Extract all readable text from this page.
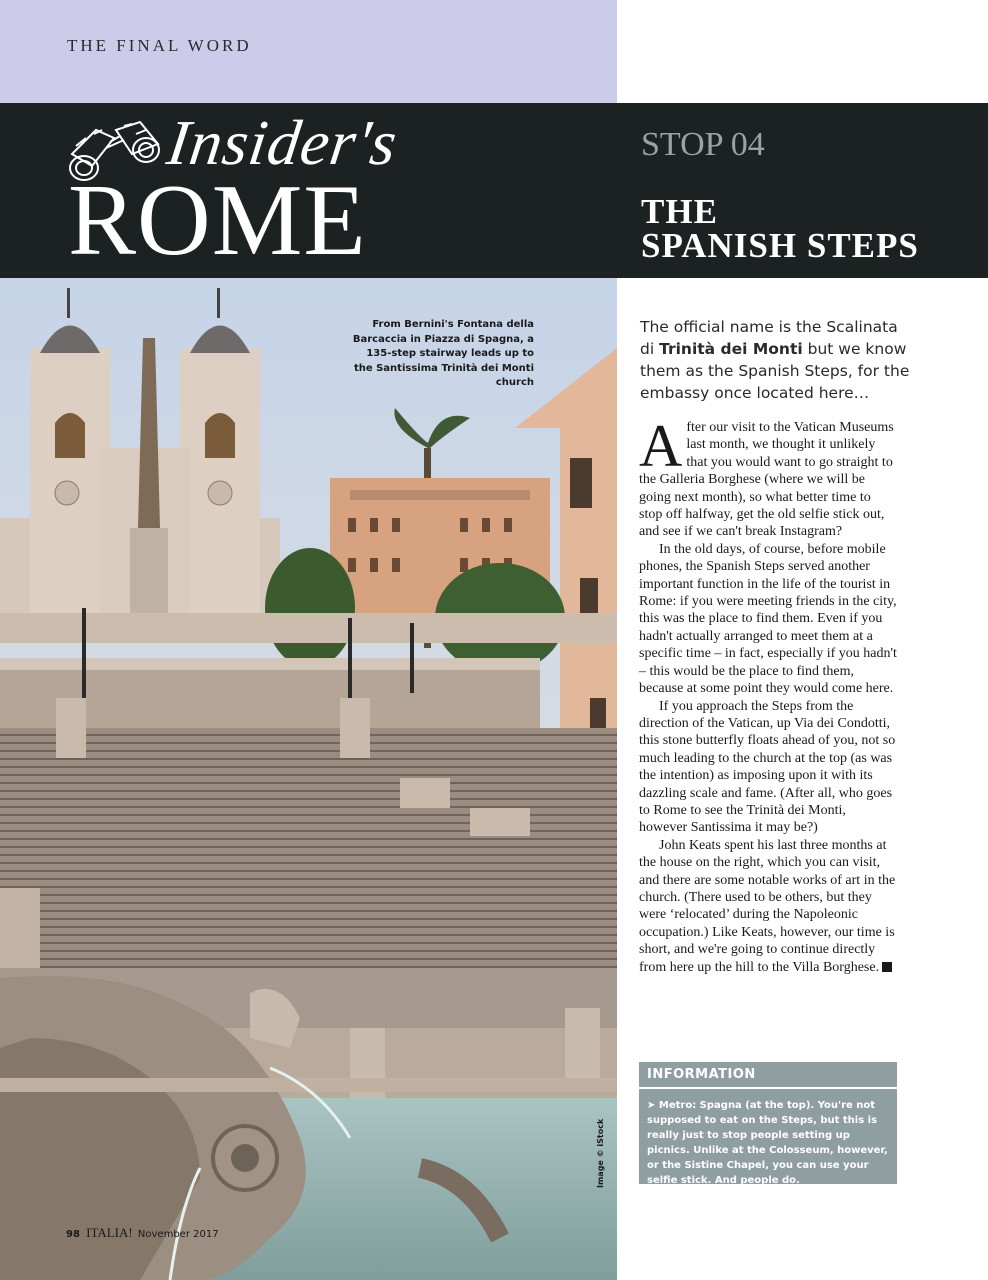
THE FINAL WORD
Insider's
ROME
STOP 04
THE
SPANISH STEPS
From Bernini's Fontana della Barcaccia in Piazza di Spagna, a 135-step stairway leads up to the Santissima Trinità dei Monti church
Image © iStock
98 ITALIA! November 2017
The official name is the Scalinata di Trinità dei Monti but we know them as the Spanish Steps, for the embassy once located here…

After our visit to the Vatican Museums last month, we thought it unlikely that you would want to go straight to the Galleria Borghese (where we will be going next month), so what better time to stop off halfway, get the old selfie stick out, and see if we can't break Instagram?

In the old days, of course, before mobile phones, the Spanish Steps served another important function in the life of the tourist in Rome: if you were meeting friends in the city, this was the place to find them. Even if you hadn't actually arranged to meet them at a specific time – in fact, especially if you hadn't – this would be the place to find them, because at some point they would come here.

If you approach the Steps from the direction of the Vatican, up Via dei Condotti, this stone butterfly floats ahead of you, not so much leading to the church at the top (as was the intention) as imposing upon it with its dazzling scale and fame. (After all, who goes to Rome to see the Trinità dei Monti, however Santissima it may be?)

John Keats spent his last three months at the house on the right, which you can visit, and there are some notable works of art in the church. (There used to be others, but they were ‘relocated’ during the Napoleonic occupation.) Like Keats, however, our time is short, and we're going to continue directly from here up the hill to the Villa Borghese.

INFORMATION
➤ Metro: Spagna (at the top). You're not supposed to eat on the Steps, but this is really just to stop people setting up picnics. Unlike at the Colosseum, however, or the Sistine Chapel, you can use your selfie stick. And people do.
